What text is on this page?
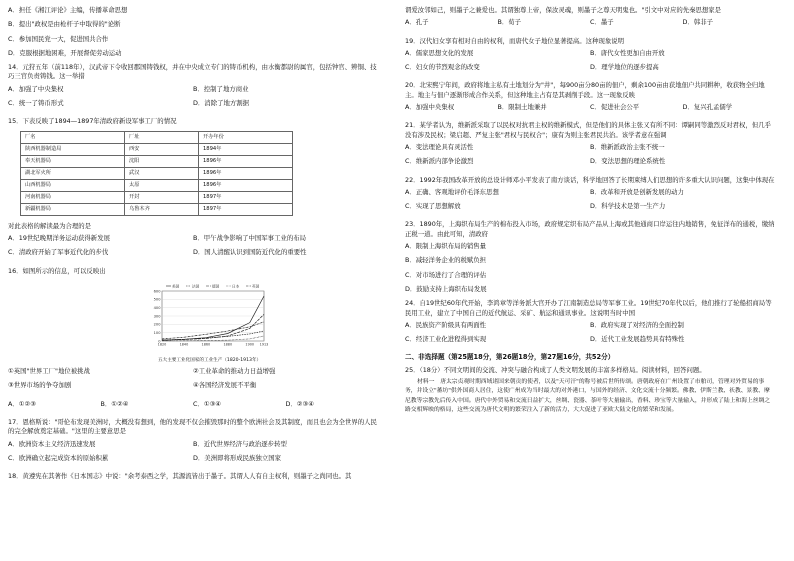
A．担任《湘江评论》主编，传播革命思想
B．提出"政权是由枪杆子中取得的"论断
C．参加国民党一大，促进国共合作
D．克服根据地困难，开展督促劳动运动
14．元狩五年（前118年），汉武帝下令收回郡国铸钱权，并在中央成立专门的铸币机构，由水衡都尉的属官，包括钟官、辨铜、技巧三官负责铸钱。这一举措
A．加强了中央集权	B．控制了地方商业
C．统一了铸币形式	D．消除了地方割据
15．下表反映了1894—1897年清政府新设军事工厂的情况
厂名	厂址	开办年份
陕西机器制造局	西安	1894年
奉天机器局	沈阳	1896年
湖北军火所	武汉	1896年
山西机器局	太原	1896年
河南机器局	开封	1897年
新疆机器局	乌鲁木齐	1897年
对此表格的解读最为合理的是
A．19世纪晚期洋务运动获得新发展	B．甲午战争影响了中国军事工业的布局
C．清政府开始了军事近代化的步伐	D．国人清醒认识到国防近代化的重要性
16．如图所示的信息，可以反映出
0
100
200
300
400
500
600
1820	1840	1860	1880	1900 1913
美国	法国	德国	日本	英国
五大主要工业化国家的工业生产（1820-1913年）
①英国"世界工厂"地位被挑战	②工业革命的推动力日益增强
③世界市场的争夺加剧	④各国经济发展不平衡
A．①②③	B．①②④	C．①③④	D．②③④
17．恩格斯说："哥伦布发现美洲时，大概没有想到，他的发现不仅会摧毁那时的整个欧洲社会及其制度，而且也会为全世界的人民的完全解放奠定基础。"这里的主要意思是
A．欧洲资本主义经济迅速发展	B．近代世界经济与政治逐步转型
C．欧洲确立起完成资本的原始积累	D．美洲即将形成民族独立国家
18．黄遵宪在其著作《日本国志》中说："余考泰西之学，其源流皆出于墨子。其谓人人有自主权利，则墨子之尚同也。其
谓爱汝邻如己，则墨子之兼爱也。其谓独尊上帝，保汝灵魂，则墨子之尊天明鬼也。"引文中对应的先秦思想家是
A．孔子	B．荀子	C．墨子	D．韩非子
19．汉代妇女享有相对自由的权利，而唐代女子地位显著提高。这种现象说明
A．儒家思想文化的发展	B．唐代女性更加自由开放
C．妇女的节烈观念的改变	D．理学地位的逐步提高
20．北宋熙宁年间，政府将地主私有土地划分为"井"，每900亩分80亩的佃户，剩余100亩由获地佃户共同耕种，收获物全归地主。地主与佃户逐渐形成合作关系，但这种地主占有是其剥削手段。这一现象反映
A．加强中央集权	B．限制土地兼并	C．促进社会公平	D．复兴孔孟儒学
21．某学者认为，维新派采取了以民权对抗君主权的维新模式，但是他们的具体主张又有所不同：谭嗣同等激烈反对君权，但几乎没有涉及民权；梁启超、严复主张"君权与民权合"；康有为则主张君民共治。该学者意在强调
A．变法理论具有灵活性	B．维新派政治主张不统一
C．维新派内部争论激烈	D．变法思想的理论系统性
22．1992年我国改革开放的总设计师邓小平发表了南方谈话，科学地回答了长期束缚人们思想的许多重大认识问题，这集中体现在
A．正确、客观地评价毛泽东思想	B．改革和开放是创新发展的动力
C．实现了思想解放	D．科学技术是第一生产力
23．1890年，上海织布局生产的棉布投入市场，政府规定织布局产品从上海或其他通商口岸运往内地销售，免征洋布的通税，缴纳正税一道。由此可知，清政府
A．限制上海织布局的销售量
B．减轻洋务企业的税赋负担
C．对市场进行了合理的评估
D．鼓励支持上海织布局发展
24．自19世纪60年代开始，李鸿章等洋务派大官开办了江南制造总局等军事工业。19世纪70年代以后，他们推行了轮船招商局等民用工业，建立了中国自己的近代航运、采矿、航运和通讯事业。这说明当时中国
A．民族资产阶级具有两面性	B．政府实现了对经济的全面控制
C．经济工业化进程得到实现	D．近代工业发展趋势具有特殊性
二、非选择题（第25题18分，第26题18分，第27题16分，共52分）
25．（18分）不同文明间的交流、冲突与融合构成了人类文明发展的丰富多样格局。阅读材料，回答问题。

材料一　唐太宗贞观时期西域诸国来朝贡的使者，以及"天可汗"的称号被后世所传颂。唐朝政府在广州设置了市舶司，管理对外贸易的事务，并设立"蕃坊"供外国商人居住，这使广州成为当时最大的对外港口，与国外的经济、文化交流十分频繁。佛教、伊斯兰教、祆教、景教、摩尼教等宗教先后传入中国。唐代中外贸易和交流日益扩大，丝绸、瓷器、茶叶等大量输出，香料、珍宝等大量输入，并形成了陆上和海上丝绸之路交相辉映的格局，这些交流为唐代文明的繁荣注入了新的活力，大大促进了亚欧大陆文化的繁荣和发展。
